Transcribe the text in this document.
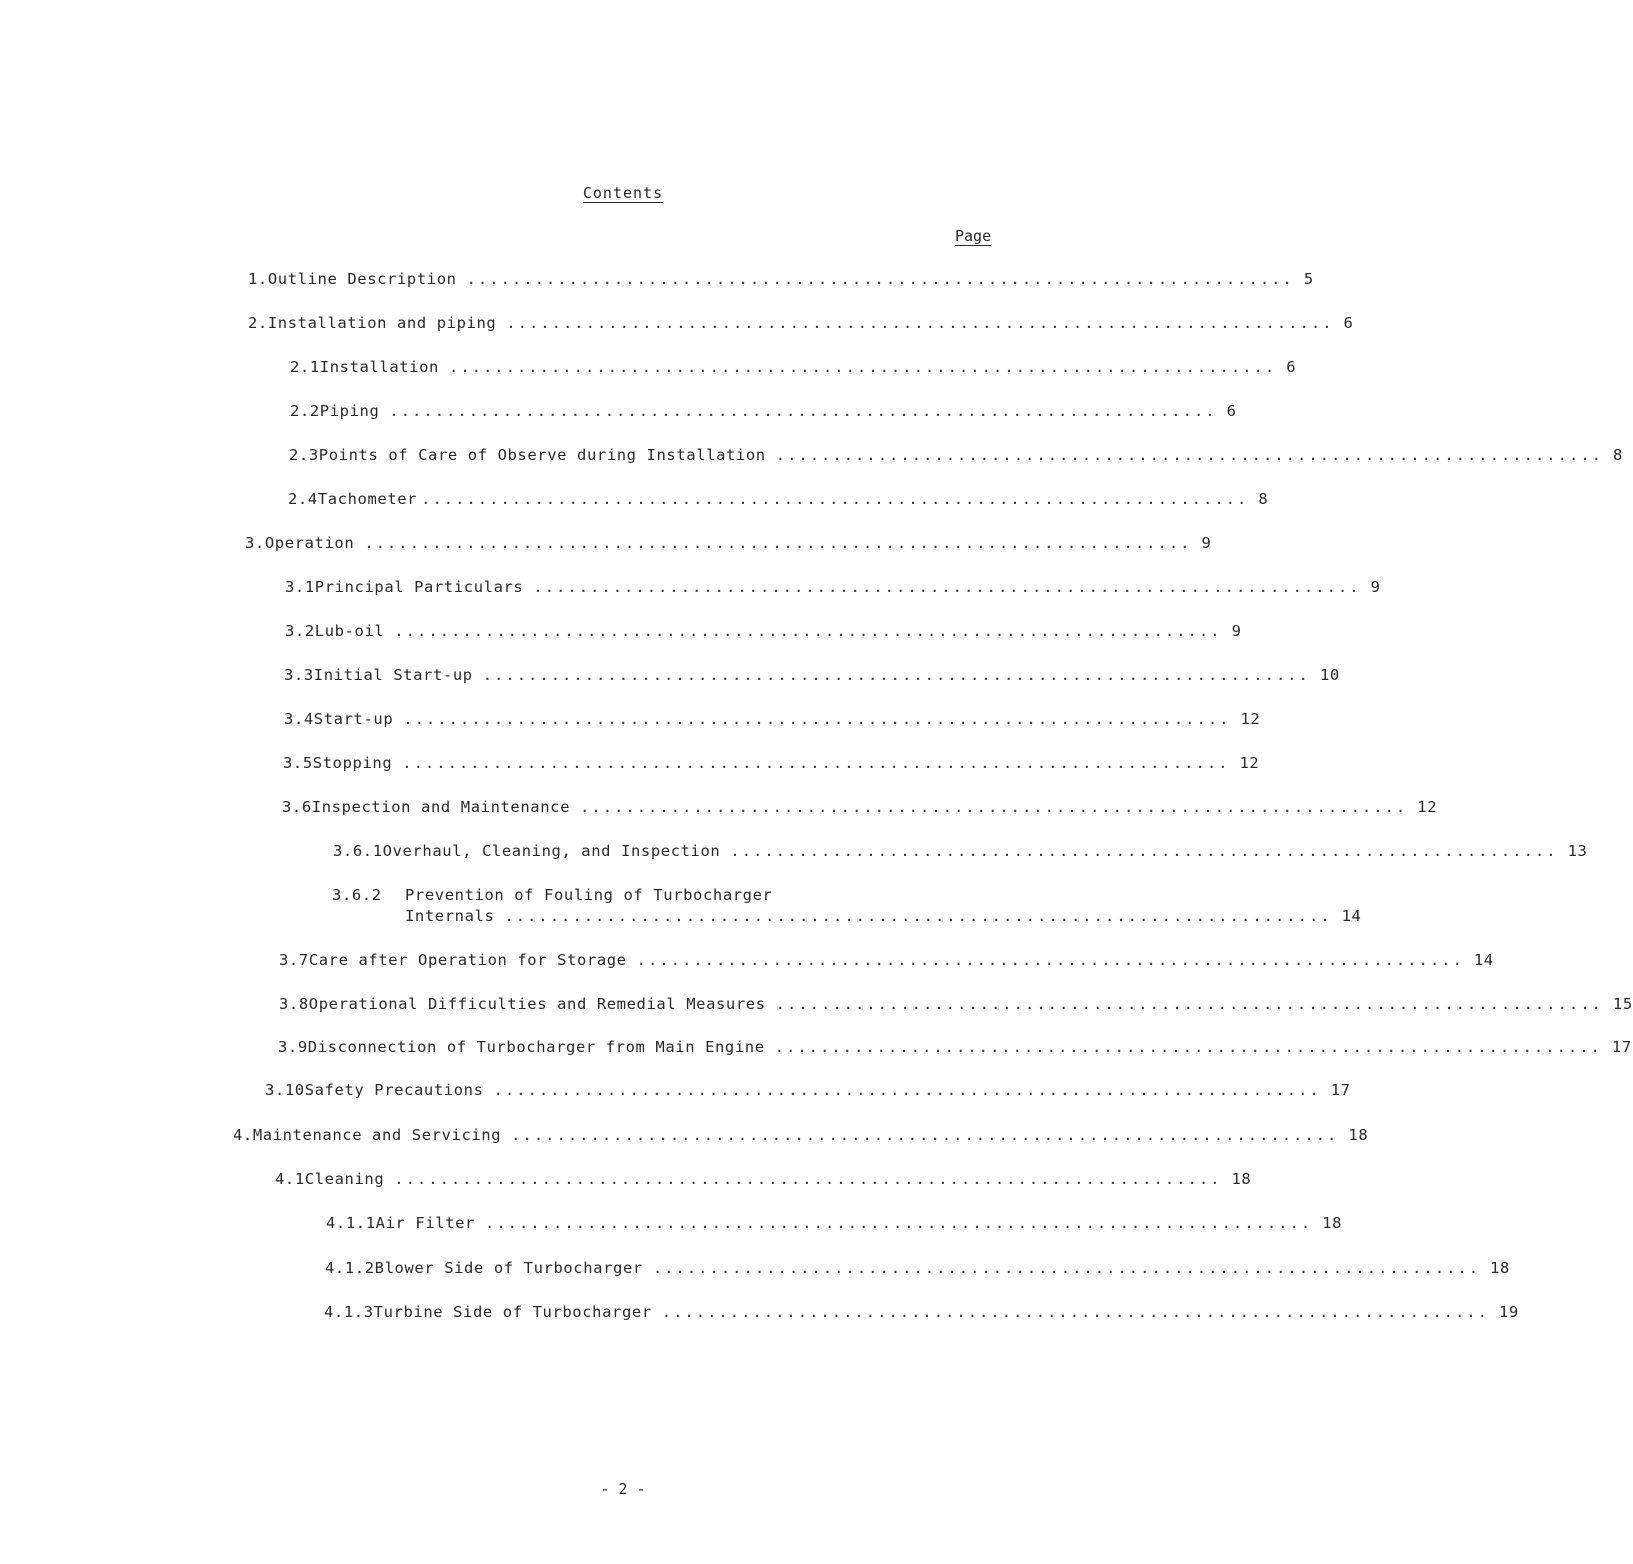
Contents
Page
1. Outline Description ......................................................................... 5
2. Installation and piping ......................................................................... 6
2.1 Installation ......................................................................... 6
2.2 Piping ......................................................................... 6
2.3 Points of Care of Observe during Installation ......................................................................... 8
2.4 Tachometer ......................................................................... 8
3. Operation ......................................................................... 9
3.1 Principal Particulars ......................................................................... 9
3.2 Lub-oil ......................................................................... 9
3.3 Initial Start-up ......................................................................... 10
3.4 Start-up ......................................................................... 12
3.5 Stopping ......................................................................... 12
3.6 Inspection and Maintenance ......................................................................... 12
3.6.1 Overhaul, Cleaning, and Inspection ......................................................................... 13
3.6.2	Prevention of Fouling of Turbocharger
Internals ......................................................................... 14
3.7 Care after Operation for Storage ......................................................................... 14
3.8 Operational Difficulties and Remedial Measures ......................................................................... 15
3.9 Disconnection of Turbocharger from Main Engine ......................................................................... 17
3.10 Safety Precautions ......................................................................... 17
4. Maintenance and Servicing ......................................................................... 18
4.1 Cleaning ......................................................................... 18
4.1.1 Air Filter ......................................................................... 18
4.1.2 Blower Side of Turbocharger ......................................................................... 18
4.1.3 Turbine Side of Turbocharger ......................................................................... 19
- 2 -
